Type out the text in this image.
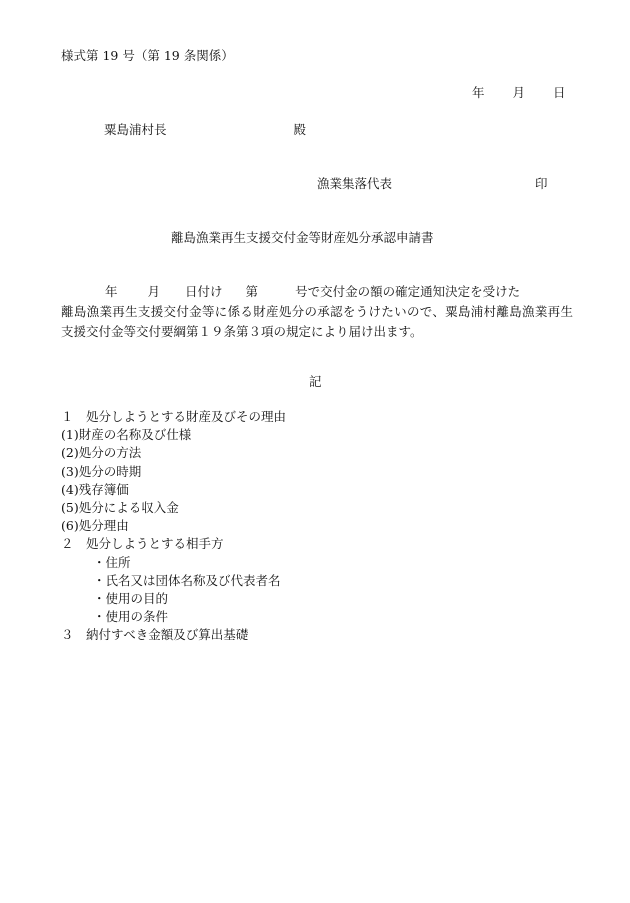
様式第 19 号（第 19 条関係）
年 月 日
粟島浦村長	殿
漁業集落代表	印
離島漁業再生支援交付金等財産処分承認申請書
年 月 日付け 第	号で交付金の額の確定通知決定を受けた
離島漁業再生支援交付金等に係る財産処分の承認をうけたいので、粟島浦村離島漁業再生支援交付金等交付要綱第１９条第３項の規定により届け出ます。
記
１　処分しようとする財産及びその理由
(1)財産の名称及び仕様
(2)処分の方法
(3)処分の時期
(4)残存簿価
(5)処分による収入金
(6)処分理由
２　処分しようとする相手方
・住所
・氏名又は団体名称及び代表者名
・使用の目的
・使用の条件
３　納付すべき金額及び算出基礎
